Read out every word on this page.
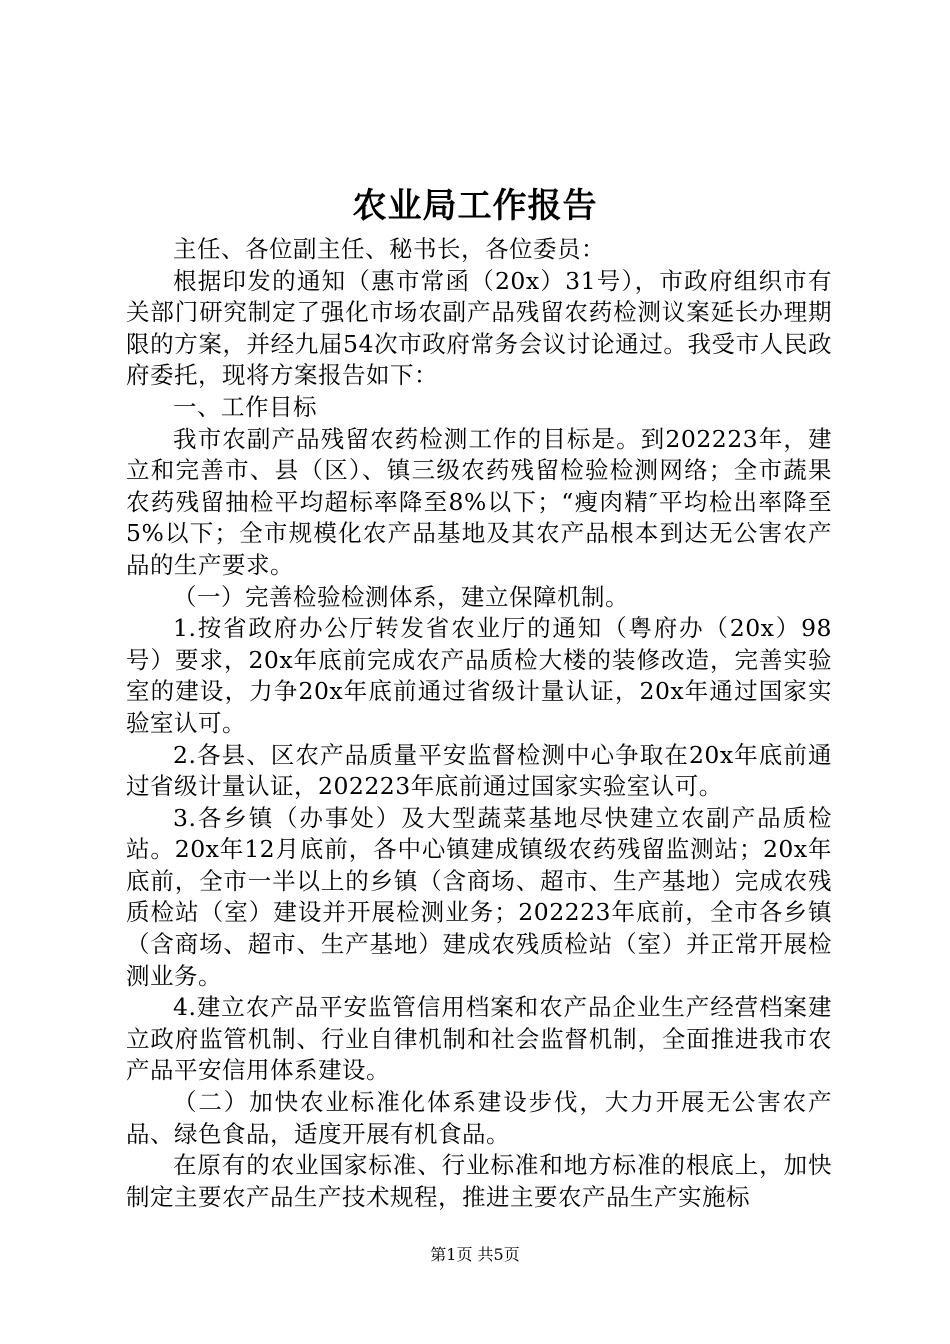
农业局工作报告

主任、各位副主任、秘书长，各位委员：

根据印发的通知（惠市常函（20x）31号），市政府组织市有关部门研究制定了强化市场农副产品残留农药检测议案延长办理期限的方案，并经九届54次市政府常务会议讨论通过。我受市人民政府委托，现将方案报告如下：

一、工作目标

我市农副产品残留农药检测工作的目标是。到202223年，建立和完善市、县（区）、镇三级农药残留检验检测网络；全市蔬果农药残留抽检平均超标率降至8%以下；“瘦肉精″平均检出率降至5%以下；全市规模化农产品基地及其农产品根本到达无公害农产品的生产要求。

（一）完善检验检测体系，建立保障机制。

1.按省政府办公厅转发省农业厅的通知（粤府办（20x）98号）要求，20x年底前完成农产品质检大楼的装修改造，完善实验室的建设，力争20x年底前通过省级计量认证，20x年通过国家实验室认可。

2.各县、区农产品质量平安监督检测中心争取在20x年底前通过省级计量认证，202223年底前通过国家实验室认可。

3.各乡镇（办事处）及大型蔬菜基地尽快建立农副产品质检站。20x年12月底前，各中心镇建成镇级农药残留监测站；20x年底前，全市一半以上的乡镇（含商场、超市、生产基地）完成农残质检站（室）建设并开展检测业务；202223年底前，全市各乡镇（含商场、超市、生产基地）建成农残质检站（室）并正常开展检测业务。

4.建立农产品平安监管信用档案和农产品企业生产经营档案建立政府监管机制、行业自律机制和社会监督机制，全面推进我市农产品平安信用体系建设。

（二）加快农业标准化体系建设步伐，大力开展无公害农产品、绿色食品，适度开展有机食品。

在原有的农业国家标准、行业标准和地方标准的根底上，加快制定主要农产品生产技术规程，推进主要农产品生产实施标

第1页 共5页
